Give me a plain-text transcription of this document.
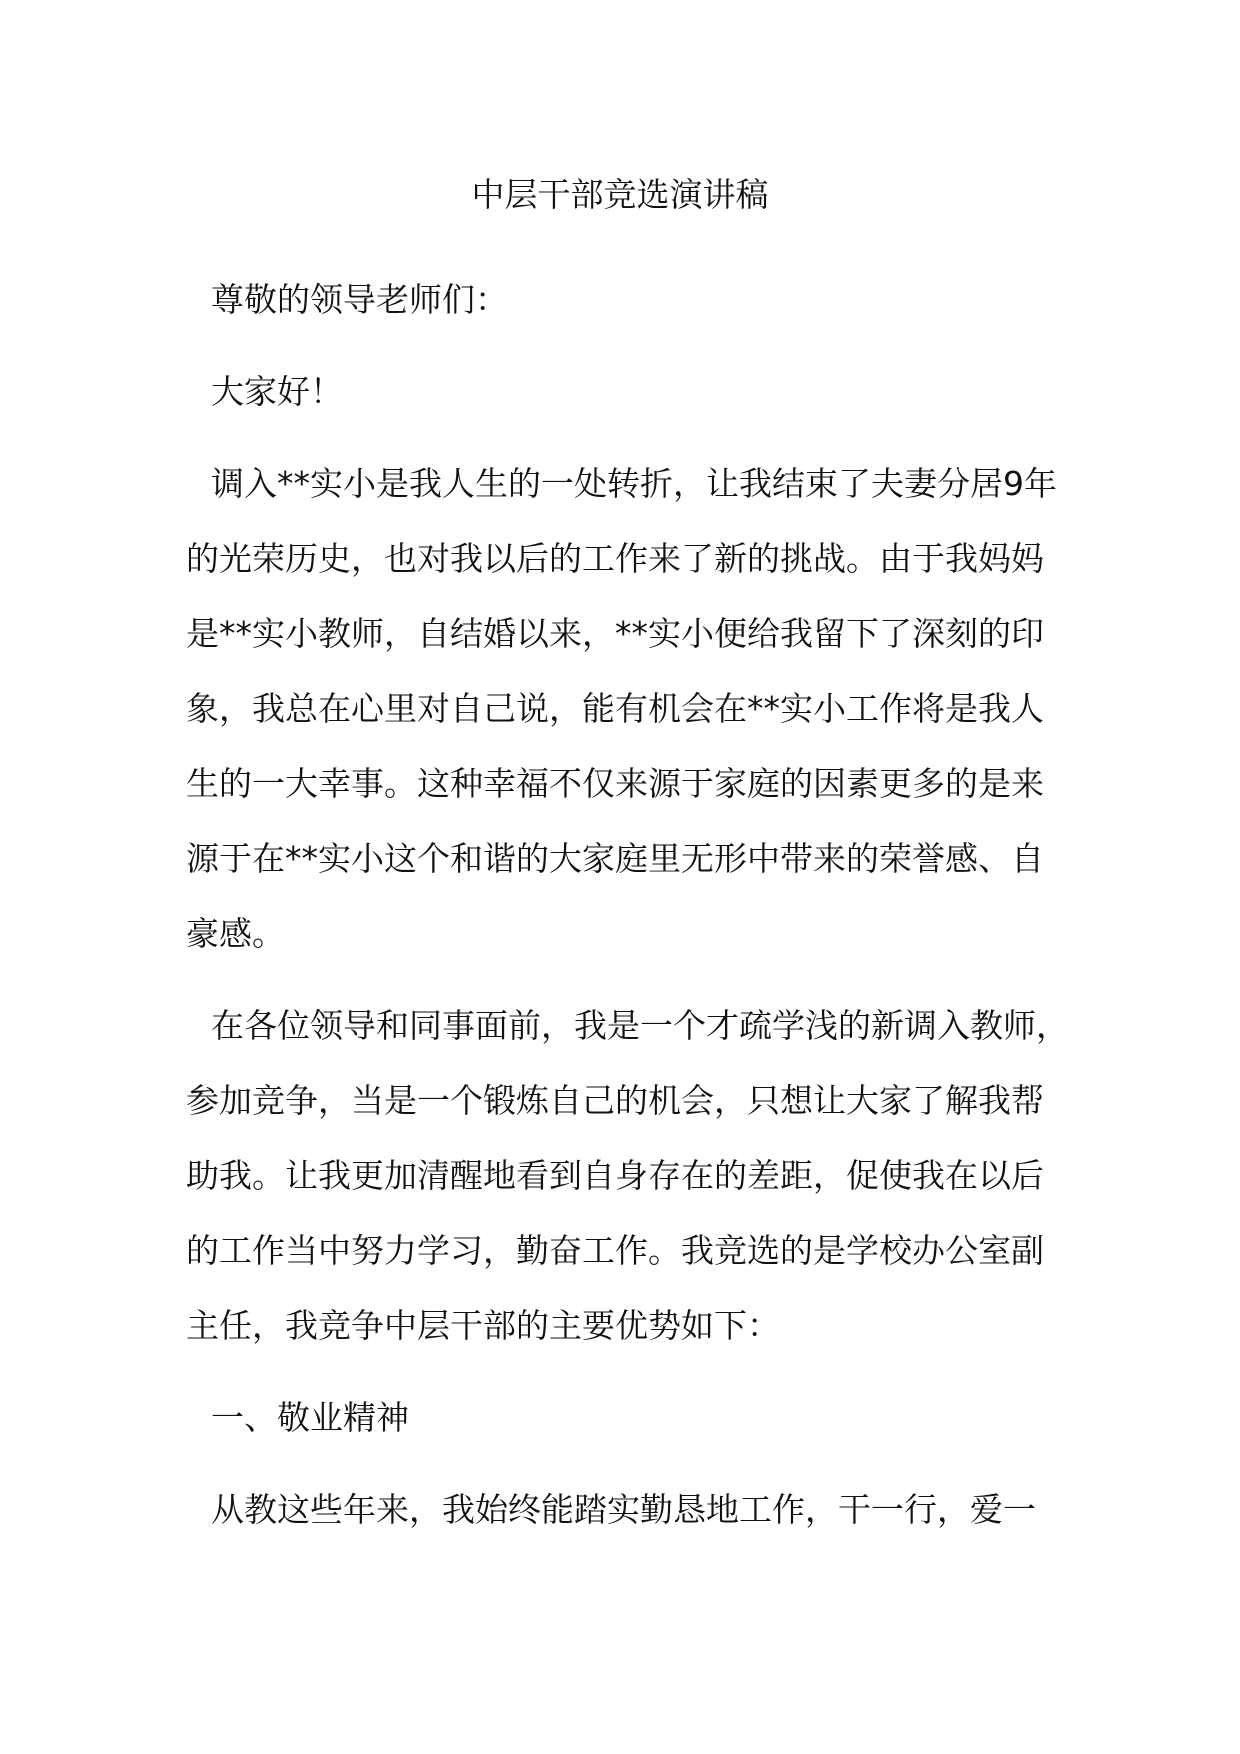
中层干部竞选演讲稿

尊敬的领导老师们：

大家好！

调入**实小是我人生的一处转折，让我结束了夫妻分居9年的光荣历史，也对我以后的工作来了新的挑战。由于我妈妈是**实小教师，自结婚以来，**实小便给我留下了深刻的印象，我总在心里对自己说，能有机会在**实小工作将是我人生的一大幸事。这种幸福不仅来源于家庭的因素更多的是来源于在**实小这个和谐的大家庭里无形中带来的荣誉感、自豪感。

在各位领导和同事面前，我是一个才疏学浅的新调入教师，参加竞争，当是一个锻炼自己的机会，只想让大家了解我帮助我。让我更加清醒地看到自身存在的差距，促使我在以后的工作当中努力学习，勤奋工作。我竞选的是学校办公室副主任，我竞争中层干部的主要优势如下：

一、敬业精神

从教这些年来，我始终能踏实勤恳地工作，干一行，爱一
